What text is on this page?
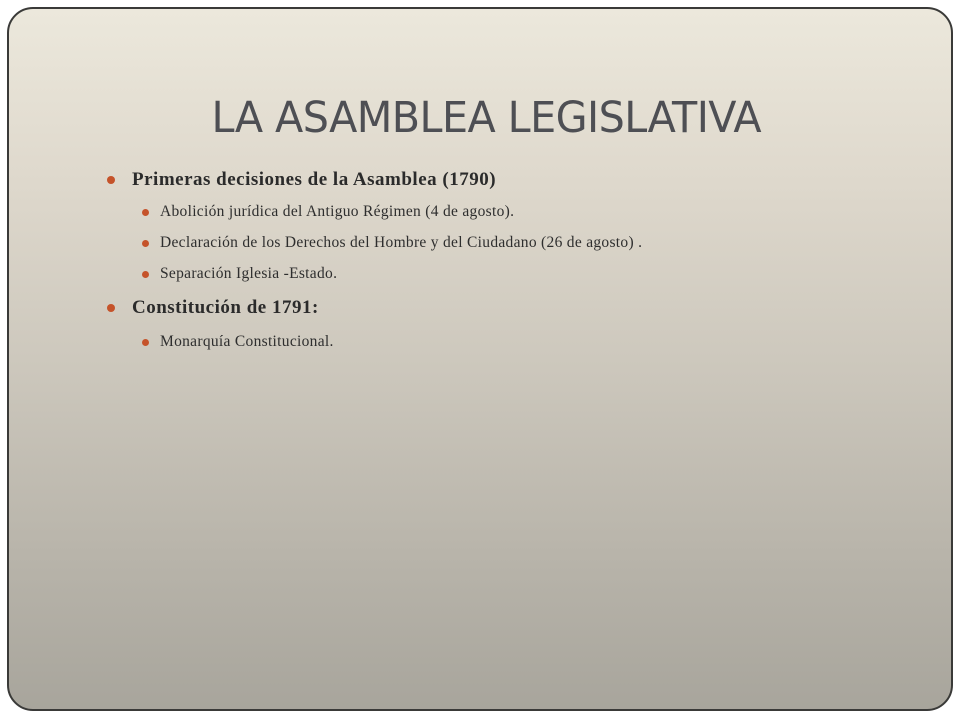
LA ASAMBLEA LEGISLATIVA
Primeras decisiones de la Asamblea (1790)
Abolición jurídica del Antiguo Régimen (4 de agosto).
Declaración de los Derechos del Hombre y del Ciudadano (26 de agosto) .
Separación Iglesia -Estado.
Constitución de 1791:
Monarquía Constitucional.
